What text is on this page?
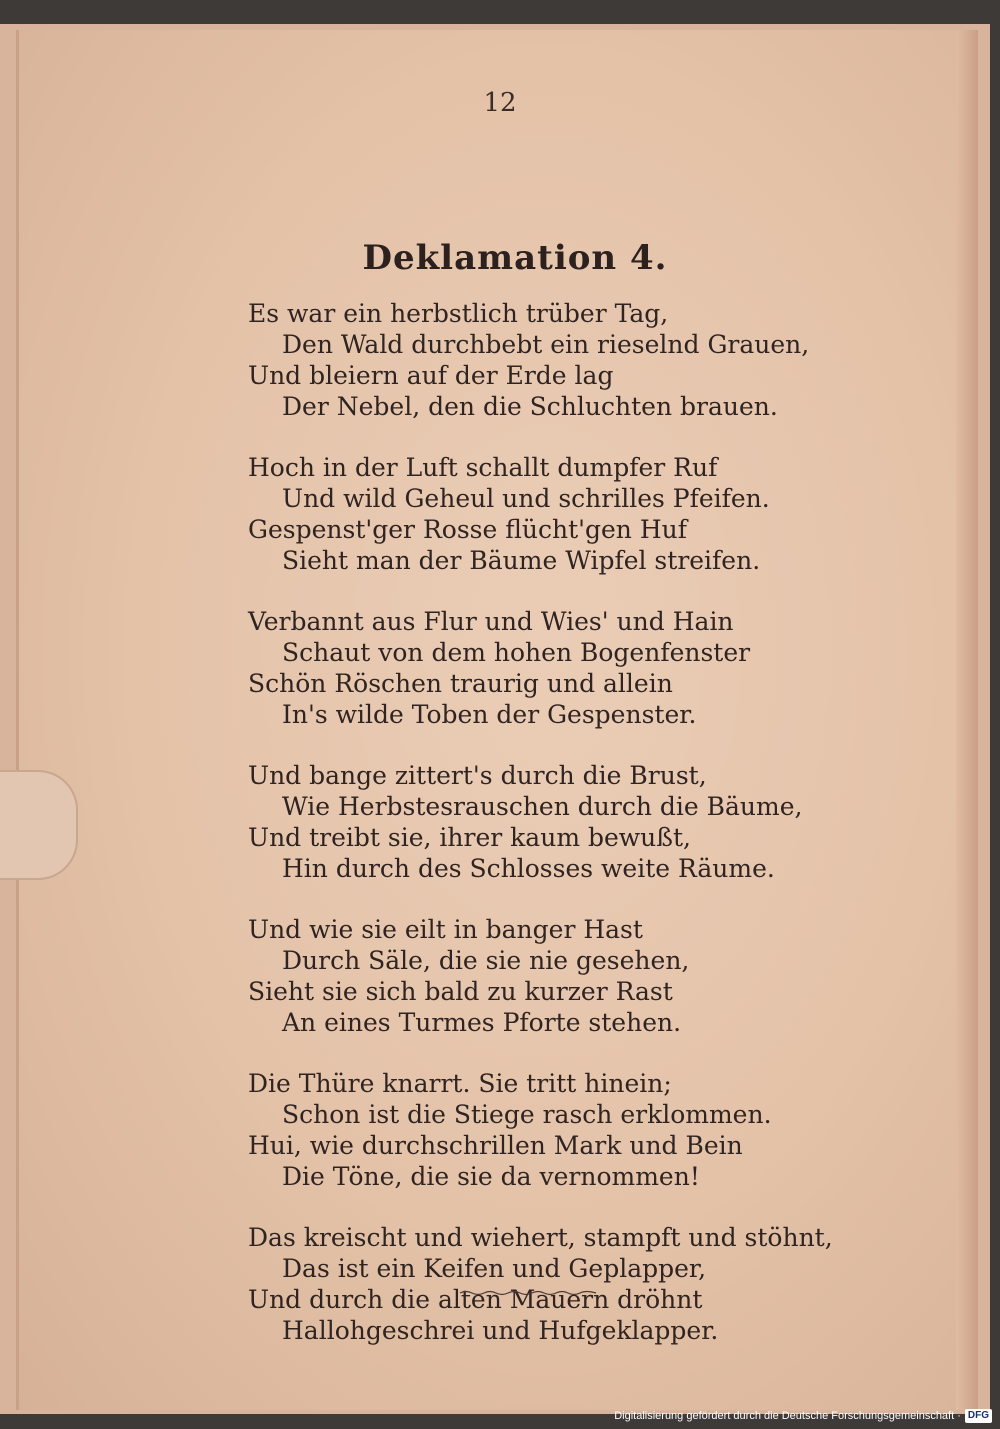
12
Deklamation 4.
Es war ein herbstlich trüber Tag,
Den Wald durchbebt ein rieselnd Grauen,
Und bleiern auf der Erde lag
Der Nebel, den die Schluchten brauen.
Hoch in der Luft schallt dumpfer Ruf
Und wild Geheul und schrilles Pfeifen.
Gespenst'ger Rosse flücht'gen Huf
Sieht man der Bäume Wipfel streifen.
Verbannt aus Flur und Wies' und Hain
Schaut von dem hohen Bogenfenster
Schön Röschen traurig und allein
In's wilde Toben der Gespenster.
Und bange zittert's durch die Brust,
Wie Herbstesrauschen durch die Bäume,
Und treibt sie, ihrer kaum bewußt,
Hin durch des Schlosses weite Räume.
Und wie sie eilt in banger Hast
Durch Säle, die sie nie gesehen,
Sieht sie sich bald zu kurzer Rast
An eines Turmes Pforte stehen.
Die Thüre knarrt. Sie tritt hinein;
Schon ist die Stiege rasch erklommen.
Hui, wie durchschrillen Mark und Bein
Die Töne, die sie da vernommen!
Das kreischt und wiehert, stampft und stöhnt,
Das ist ein Keifen und Geplapper,
Und durch die alten Mauern dröhnt
Hallohgeschrei und Hufgeklapper.
Digitalisierung gefördert durch die Deutsche Forschungsgemeinschaft · DFG
